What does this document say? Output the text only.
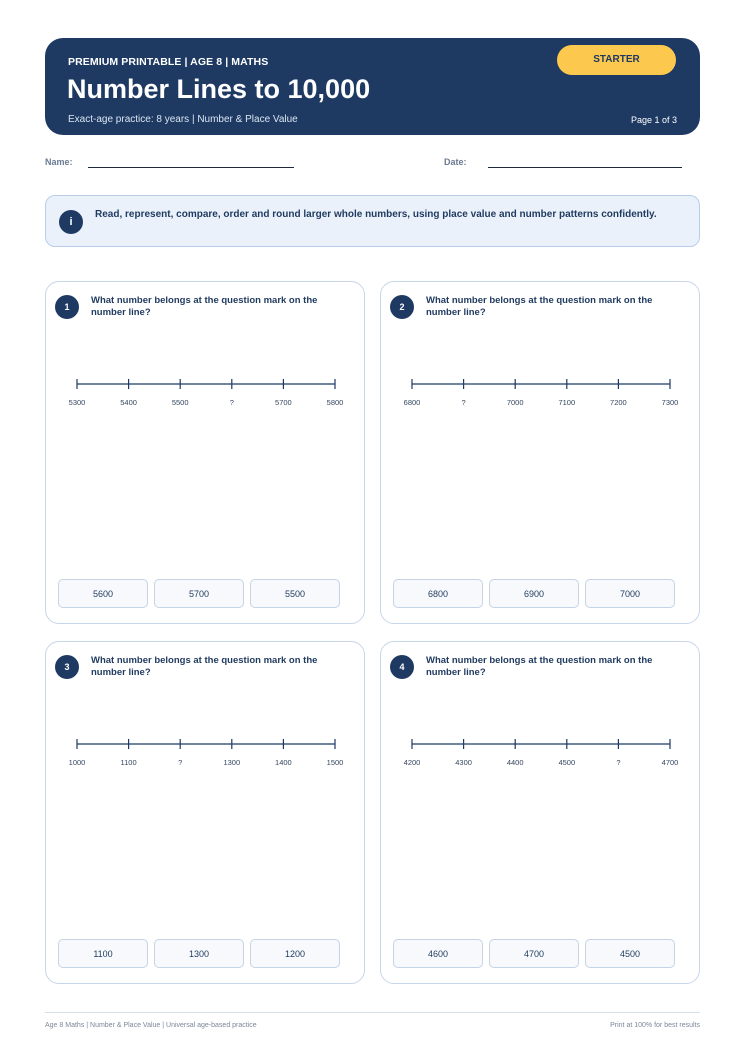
PREMIUM PRINTABLE | AGE 8 | MATHS
Number Lines to 10,000
Exact-age practice: 8 years | Number & Place Value	Page 1 of 3
STARTER
Name:	Date:
i
Read, represent, compare, order and round larger whole numbers, using place value and number patterns confidently.
1
What number belongs at the question mark on the number line?
5300	5400	5500	?	5700	5800
5600	5700	5500
2
What number belongs at the question mark on the number line?
6800	?	7000	7100	7200	7300
6800	6900	7000
3
What number belongs at the question mark on the number line?
1000	1100	?	1300	1400	1500
1100	1300	1200
4
What number belongs at the question mark on the number line?
4200	4300	4400	4500	?	4700
4600	4700	4500
Age 8 Maths | Number & Place Value | Universal age-based practice	Print at 100% for best results
